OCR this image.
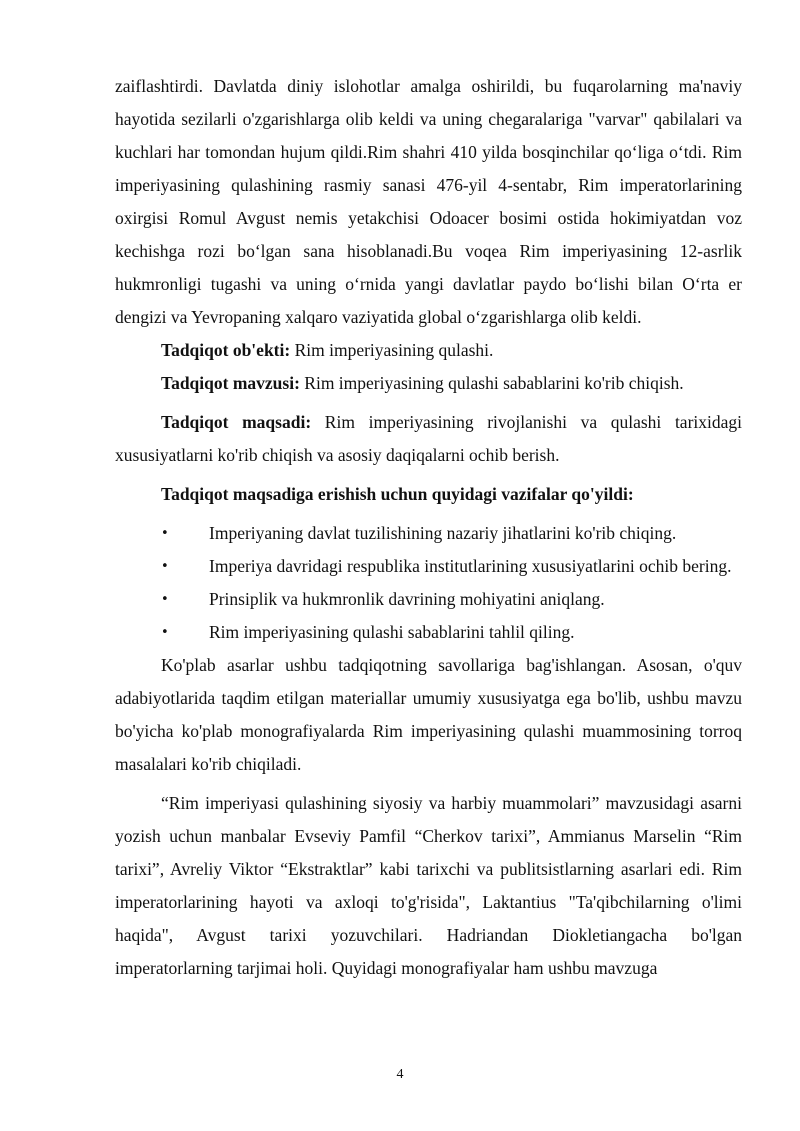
zaiflashtirdi. Davlatda diniy islohotlar amalga oshirildi, bu fuqarolarning ma'naviy hayotida sezilarli o'zgarishlarga olib keldi va uning chegaralariga "varvar" qabilalari va kuchlari har tomondan hujum qildi.Rim shahri 410 yilda bosqinchilar qo‘liga o‘tdi. Rim imperiyasining qulashining rasmiy sanasi 476-yil 4-sentabr, Rim imperatorlarining oxirgisi Romul Avgust nemis yetakchisi Odoacer bosimi ostida hokimiyatdan voz kechishga rozi bo‘lgan sana hisoblanadi.Bu voqea Rim imperiyasining 12-asrlik hukmronligi tugashi va uning o‘rnida yangi davlatlar paydo bo‘lishi bilan O‘rta er dengizi va Yevropaning xalqaro vaziyatida global o‘zgarishlarga olib keldi.

Tadqiqot ob'ekti: Rim imperiyasining qulashi.

Tadqiqot mavzusi: Rim imperiyasining qulashi sabablarini ko'rib chiqish.

Tadqiqot maqsadi: Rim imperiyasining rivojlanishi va qulashi tarixidagi xususiyatlarni ko'rib chiqish va asosiy daqiqalarni ochib berish.

Tadqiqot maqsadiga erishish uchun quyidagi vazifalar qo'yildi:

•	Imperiyaning davlat tuzilishining nazariy jihatlarini ko'rib chiqing.

•	Imperiya davridagi respublika institutlarining xususiyatlarini ochib bering.

•	Prinsiplik va hukmronlik davrining mohiyatini aniqlang.

•	Rim imperiyasining qulashi sabablarini tahlil qiling.

Ko'plab asarlar ushbu tadqiqotning savollariga bag'ishlangan. Asosan, o'quv adabiyotlarida taqdim etilgan materiallar umumiy xususiyatga ega bo'lib, ushbu mavzu bo'yicha ko'plab monografiyalarda Rim imperiyasining qulashi muammosining torroq masalalari ko'rib chiqiladi.

“Rim imperiyasi qulashining siyosiy va harbiy muammolari” mavzusidagi asarni yozish uchun manbalar Evseviy Pamfil “Cherkov tarixi”, Ammianus Marselin “Rim tarixi”, Avreliy Viktor “Ekstraktlar” kabi tarixchi va publitsistlarning asarlari edi. Rim imperatorlarining hayoti va axloqi to'g'risida", Laktantius "Ta'qibchilarning o'limi haqida", Avgust tarixi yozuvchilari. Hadriandan Diokletiangacha bo'lgan imperatorlarning tarjimai holi. Quyidagi monografiyalar ham ushbu mavzuga

4
